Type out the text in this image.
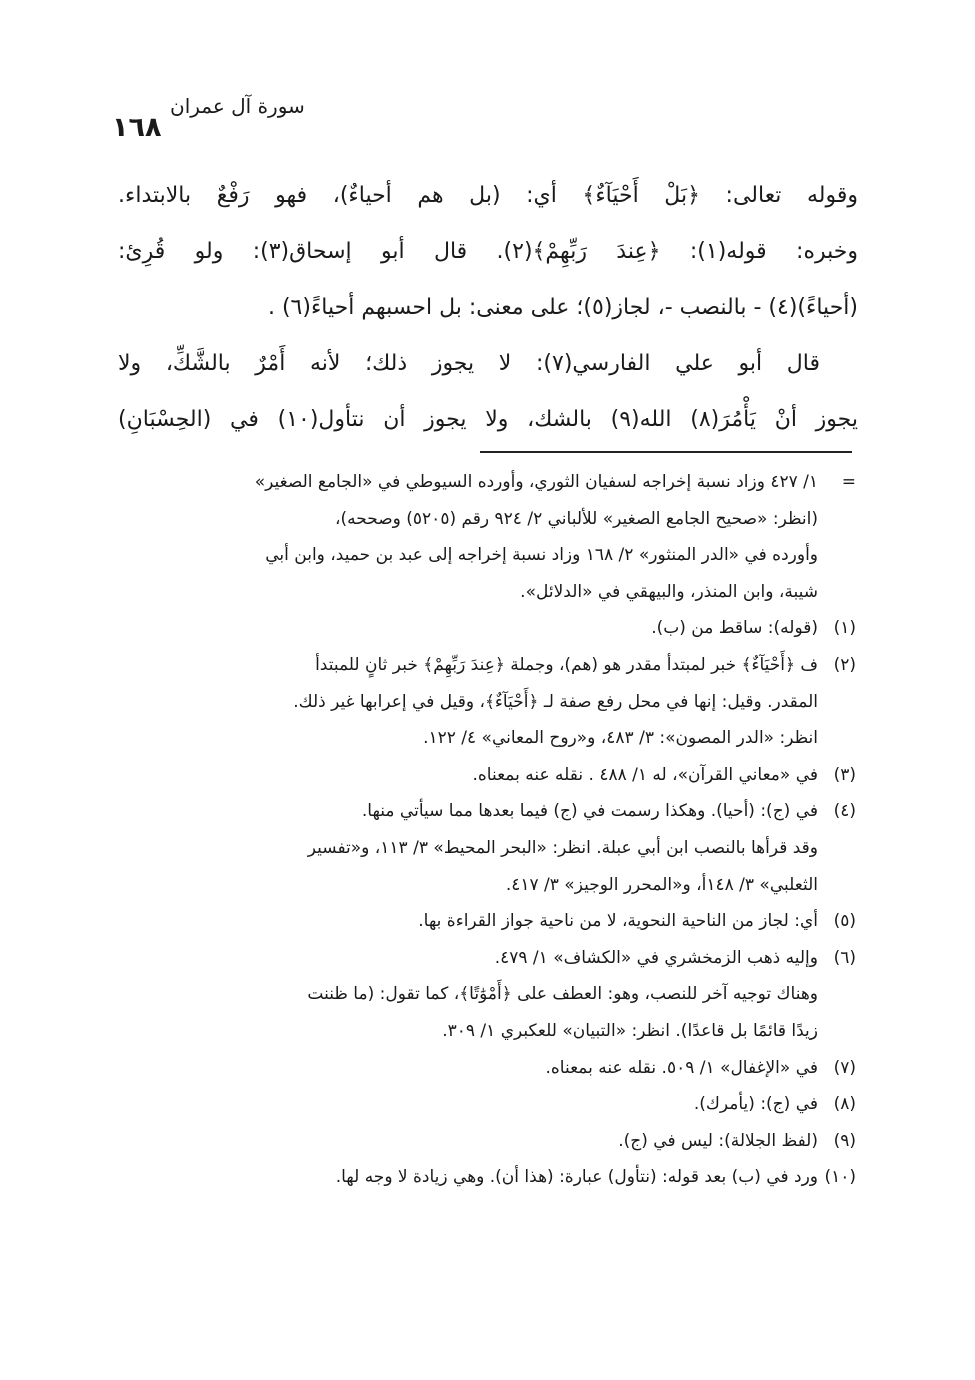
١٦٨
سورة آل عمران
وقوله تعالى: ﴿بَلْ أَحْيَآءٌ﴾ أي: (بل هم أحياءٌ)، فهو رَفْعٌ بالابتداء.
وخبره: قوله(١): ﴿عِندَ رَبِّهِمْ﴾(٢). قال أبو إسحاق(٣): ولو قُرِئ:
(أحياءً)(٤) - بالنصب -، لجاز(٥)؛ على معنى: بل احسبهم أحياءً(٦) .
قال أبو علي الفارسي(٧): لا يجوز ذلك؛ لأنه أَمْرٌ بالشَّكِّ، ولا
يجوز أنْ يَأْمُرَ(٨) الله(٩) بالشك، ولا يجوز أن نتأول(١٠) في (الحِسْبَانِ)
=
١/ ٤٢٧ وزاد نسبة إخراجه لسفيان الثوري، وأورده السيوطي في «الجامع الصغير»
(انظر: «صحيح الجامع الصغير» للألباني ٢/ ٩٢٤ رقم (٥٢٠٥) وصححه)،
وأورده في «الدر المنثور» ٢/ ١٦٨ وزاد نسبة إخراجه إلى عبد بن حميد، وابن أبي
شيبة، وابن المنذر، والبيهقي في «الدلائل».
(١)
(قوله): ساقط من (ب).
(٢)
ف ﴿أَحْيَآءٌ﴾ خبر لمبتدأ مقدر هو (هم)، وجملة ﴿عِندَ رَبِّهِمْ﴾ خبر ثانٍ للمبتدأ
المقدر. وقيل: إنها في محل رفع صفة لـ ﴿أَحْيَآءٌ﴾، وقيل في إعرابها غير ذلك.
انظر: «الدر المصون»: ٣/ ٤٨٣، و«روح المعاني» ٤/ ١٢٢.
(٣)
في «معاني القرآن»، له ١/ ٤٨٨ . نقله عنه بمعناه.
(٤)
في (ج): (أحيا). وهكذا رسمت في (ج) فيما بعدها مما سيأتي منها.
وقد قرأها بالنصب ابن أبي عبلة. انظر: «البحر المحيط» ٣/ ١١٣، و«تفسير
الثعلبي» ٣/ ١٤٨أ، و«المحرر الوجيز» ٣/ ٤١٧.
(٥)
أي: لجاز من الناحية النحوية، لا من ناحية جواز القراءة بها.
(٦)
وإليه ذهب الزمخشري في «الكشاف» ١/ ٤٧٩.
وهناك توجيه آخر للنصب، وهو: العطف على ﴿أَمْوَٰتًا﴾، كما تقول: (ما ظننت
زيدًا قائمًا بل قاعدًا). انظر: «التبيان» للعكبري ١/ ٣٠٩.
(٧)
في «الإغفال» ١/ ٥٠٩. نقله عنه بمعناه.
(٨)
في (ج): (يأمرك).
(٩)
(لفظ الجلالة): ليس في (ج).
(١٠)
ورد في (ب) بعد قوله: (نتأول) عبارة: (هذا أن). وهي زيادة لا وجه لها.
